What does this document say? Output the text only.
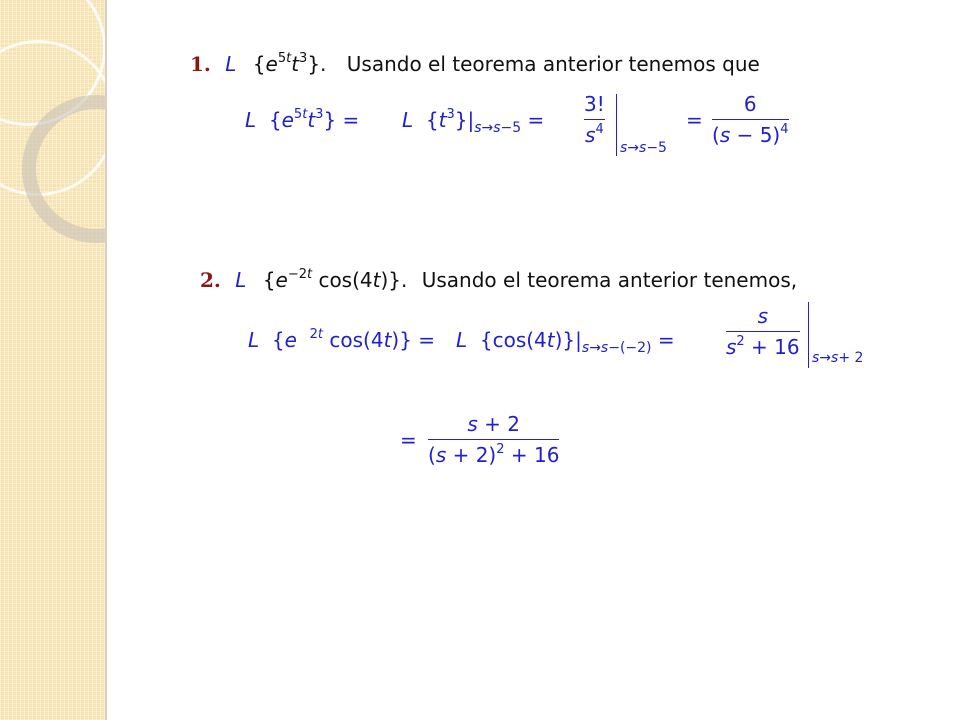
1. L $\{e^{5t}t^3\}$. Usando el teorema anterior tenemos que
L  $\{e^{5t}t^3\} = L$  $\{t^3\}|_{s\to s-5}$ =
3!
$s^4$
s→s−5
=
6
$(s - 5)^4$
2. L {$e^{-2t}$ cos(4t)}. Usando el teorema anterior tenemos,
L  {e $^{2t}$ cos(4t)} = L  $\{\cos(4t)\}|_{s\to s-(-2)}$ =
s
$s^2 + 16$ s→s+ 2
=
s + 2
$(s + 2)^2 + 16$
